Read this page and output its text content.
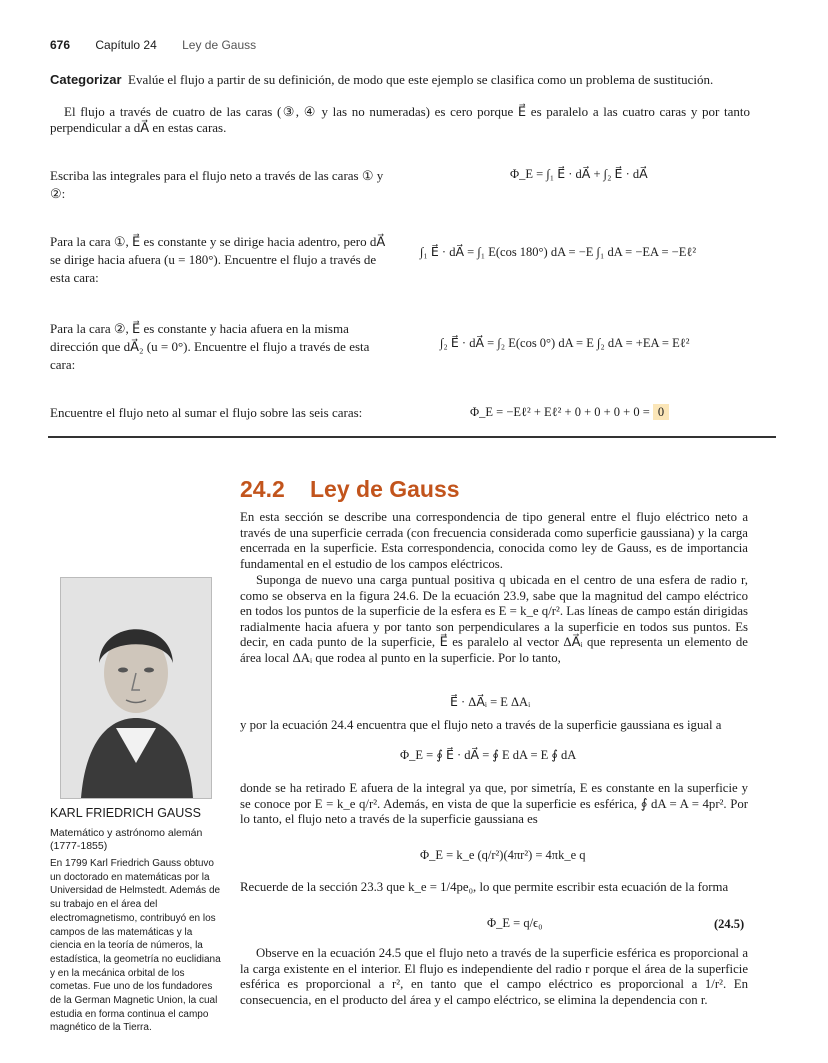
676 Capítulo 24 Ley de Gauss
Categorizar Evalúe el flujo a partir de su definición, de modo que este ejemplo se clasifica como un problema de sustitución.
El flujo a través de cuatro de las caras (③, ④ y las no numeradas) es cero porque E⃗ es paralelo a las cuatro caras y por tanto perpendicular a dA⃗ en estas caras.
Escriba las integrales para el flujo neto a través de las caras ① y ②:
Φ_E = ∫₁ E⃗ · dA⃗ + ∫₂ E⃗ · dA⃗
Para la cara ①, E⃗ es constante y se dirige hacia adentro, pero dA⃗ se dirige hacia afuera (u = 180°). Encuentre el flujo a través de esta cara:
∫₁ E⃗ · dA⃗ = ∫₁ E(cos 180°) dA = −E ∫₁ dA = −EA = −Eℓ²
Para la cara ②, E⃗ es constante y hacia afuera en la misma dirección que dA⃗₂ (u = 0°). Encuentre el flujo a través de esta cara:
∫₂ E⃗ · dA⃗ = ∫₂ E(cos 0°) dA = E ∫₂ dA = +EA = Eℓ²
Encuentre el flujo neto al sumar el flujo sobre las seis caras:	Φ_E = −Eℓ² + Eℓ² + 0 + 0 + 0 + 0 = 0
24.2 Ley de Gauss
En esta sección se describe una correspondencia de tipo general entre el flujo eléctrico neto a través de una superficie cerrada (con frecuencia considerada como superficie gaussiana) y la carga encerrada en la superficie. Esta correspondencia, conocida como ley de Gauss, es de importancia fundamental en el estudio de los campos eléctricos.
Suponga de nuevo una carga puntual positiva q ubicada en el centro de una esfera de radio r, como se observa en la figura 24.6. De la ecuación 23.9, sabe que la magnitud del campo eléctrico en todos los puntos de la superficie de la esfera es E = k_e q/r². Las líneas de campo están dirigidas radialmente hacia afuera y por tanto son perpendiculares a la superficie en todos sus puntos. Es decir, en cada punto de la superficie, E⃗ es paralelo al vector ΔA⃗ᵢ que representa un elemento de área local ΔAᵢ que rodea al punto en la superficie. Por lo tanto,
E⃗ · ΔA⃗ᵢ = E ΔAᵢ
y por la ecuación 24.4 encuentra que el flujo neto a través de la superficie gaussiana es igual a
Φ_E = ∮ E⃗ · dA⃗ = ∮ E dA = E ∮ dA
donde se ha retirado E afuera de la integral ya que, por simetría, E es constante en la superficie y se conoce por E = k_e q/r². Además, en vista de que la superficie es esférica, ∮ dA = A = 4pr². Por lo tanto, el flujo neto a través de la superficie gaussiana es
Φ_E = k_e (q/r²)(4πr²) = 4πk_e q
Recuerde de la sección 23.3 que k_e = 1/4pe₀, lo que permite escribir esta ecuación de la forma
Φ_E = q/ϵ₀	(24.5)
Observe en la ecuación 24.5 que el flujo neto a través de la superficie esférica es proporcional a la carga existente en el interior. El flujo es independiente del radio r porque el área de la superficie esférica es proporcional a r², en tanto que el campo eléctrico es proporcional a 1/r². En consecuencia, en el producto del área y el campo eléctrico, se elimina la dependencia con r.
KARL FRIEDRICH GAUSS
Matemático y astrónomo alemán
(1777-1855)
En 1799 Karl Friedrich Gauss obtuvo un doctorado en matemáticas por la Universidad de Helmstedt. Además de su trabajo en el área del electromagnetismo, contribuyó en los campos de las matemáticas y la ciencia en la teoría de números, la estadística, la geometría no euclidiana y en la mecánica orbital de los cometas. Fue uno de los fundadores de la German Magnetic Union, la cual estudia en forma continua el campo magnético de la Tierra.
